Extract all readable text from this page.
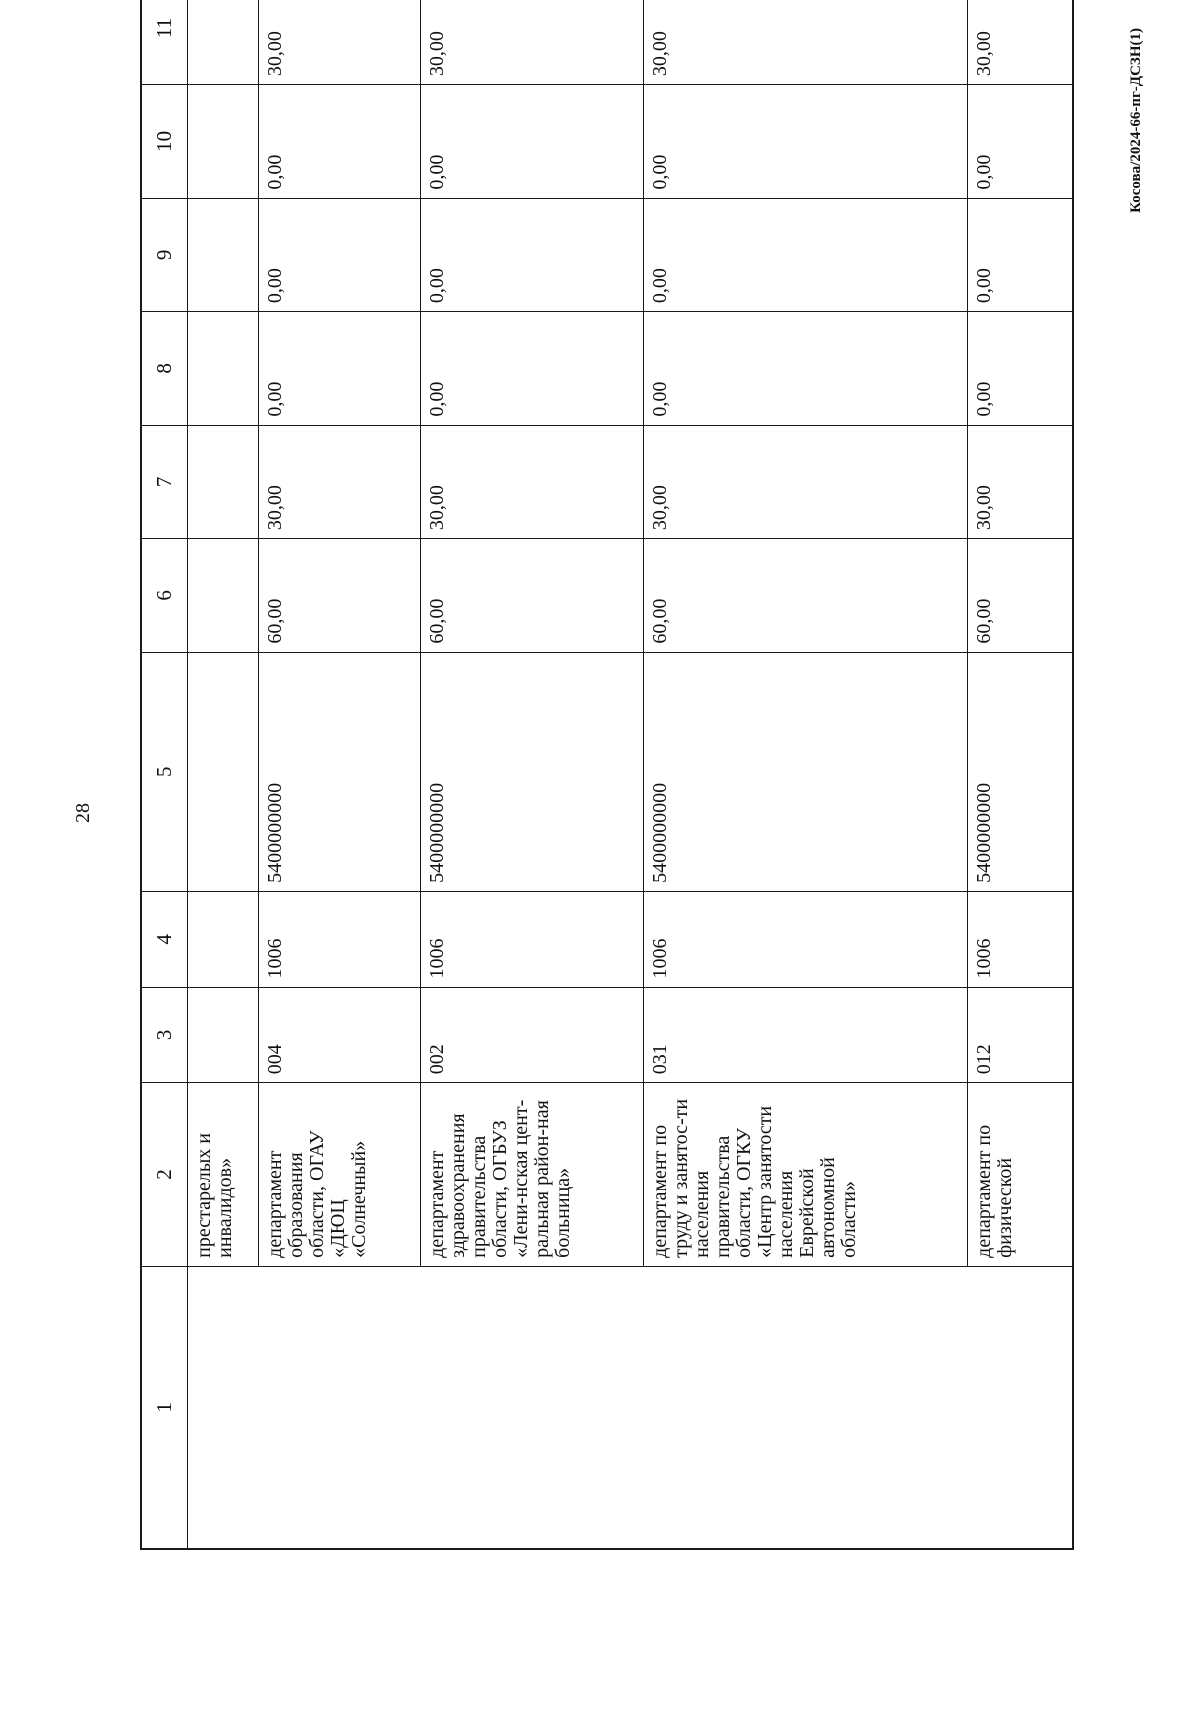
28
1	2	3	4	5	6	7	8	9	10	11
	престарелых и инвалидов»									
	департамент образования области, ОГАУ «ДЮЦ «Солнечный»	004	1006	5400000000	60,00	30,00	0,00	0,00	0,00	30,00
	департамент здравоохранения правительства области, ОГБУЗ «Лени-нская цент-ральная район-ная больница»	002	1006	5400000000	60,00	30,00	0,00	0,00	0,00	30,00
	департамент по труду и занятос-ти населения правительства области, ОГКУ «Центр занятости населения Еврейской автономной области»	031	1006	5400000000	60,00	30,00	0,00	0,00	0,00	30,00
	департамент по физической	012	1006	5400000000	60,00	30,00	0,00	0,00	0,00	30,00	Косова/2024-66-пг-ДСЗН(1)
